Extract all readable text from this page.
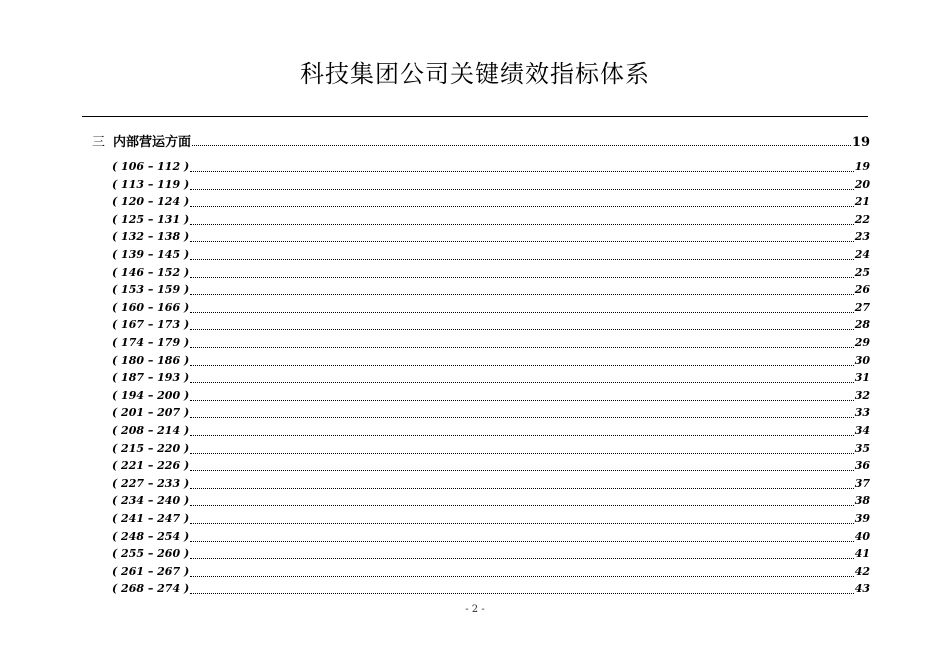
科技集团公司关键绩效指标体系
三 内部营运方面	19
( 106 – 112 )	19
( 113 – 119 )	20
( 120 – 124 )	21
( 125 – 131 )	22
( 132 – 138 )	23
( 139 – 145 )	24
( 146 – 152 )	25
( 153 – 159 )	26
( 160 – 166 )	27
( 167 – 173 )	28
( 174 – 179 )	29
( 180 – 186 )	30
( 187 – 193 )	31
( 194 – 200 )	32
( 201 – 207 )	33
( 208 – 214 )	34
( 215 – 220 )	35
( 221 – 226 )	36
( 227 – 233 )	37
( 234 – 240 )	38
( 241 – 247 )	39
( 248 – 254 )	40
( 255 – 260 )	41
( 261 – 267 )	42
( 268 – 274 )	43
- 2 -
